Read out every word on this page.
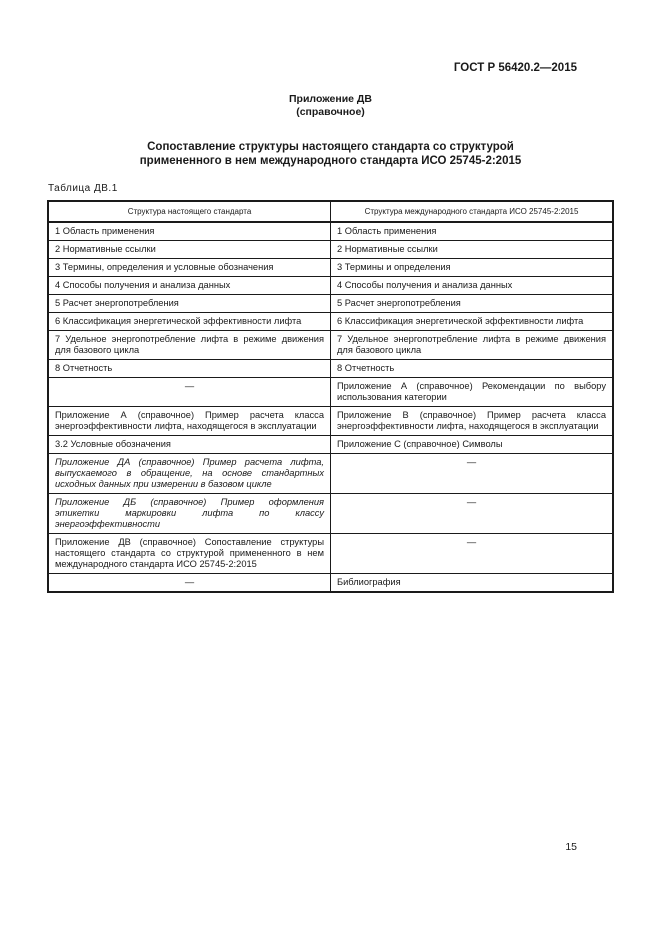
ГОСТ Р 56420.2—2015
Приложение ДВ
(справочное)
Сопоставление структуры настоящего стандарта со структурой
примененного в нем международного стандарта ИСО 25745-2:2015
Таблица ДВ.1
Структура настоящего стандарта	Структура международного стандарта ИСО 25745-2:2015
1 Область применения	1 Область применения
2 Нормативные ссылки	2 Нормативные ссылки
3 Термины, определения и условные обозначения	3 Термины и определения
4 Способы получения и анализа данных	4 Способы получения и анализа данных
5 Расчет энергопотребления	5 Расчет энергопотребления
6 Классификация энергетической эффективности лифта	6 Классификация энергетической эффективности лифта
7 Удельное энергопотребление лифта в режиме движения для базового цикла	7 Удельное энергопотребление лифта в режиме движения для базового цикла
8 Отчетность	8 Отчетность
—	Приложение А (справочное) Рекомендации по выбору использования категории
Приложение А (справочное) Пример расчета класса энергоэффективности лифта, находящегося в эксплуатации	Приложение В (справочное) Пример расчета класса энергоэффективности лифта, находящегося в эксплуатации
3.2 Условные обозначения	Приложение С (справочное) Символы
Приложение ДА (справочное) Пример расчета лифта, выпускаемого в обращение, на основе стандартных исходных данных при измерении в базовом цикле	—
Приложение ДБ (справочное) Пример оформления этикетки маркировки лифта по классу энергоэффективности	—
Приложение ДВ (справочное) Сопоставление структуры настоящего стандарта со структурой примененного в нем международного стандарта ИСО 25745-2:2015	—
—	Библиография
15
